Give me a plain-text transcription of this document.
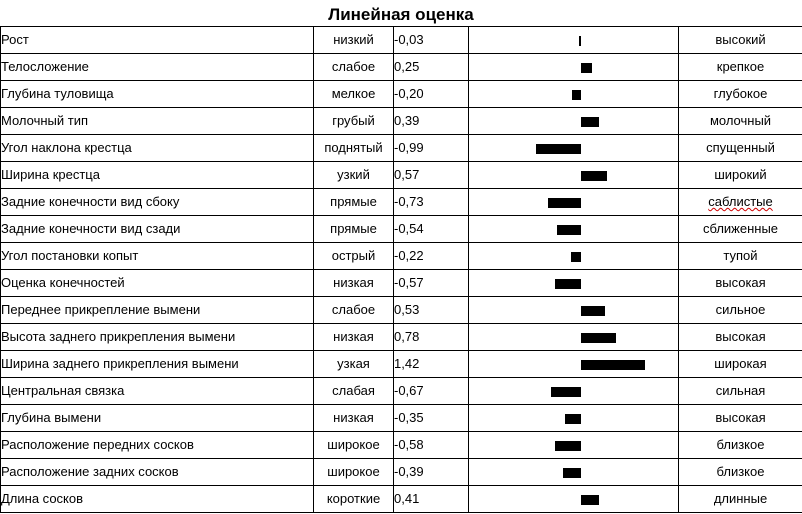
Линейная оценка
Рост	низкий	-0,03		высокий
Телосложение	слабое	0,25		крепкое
Глубина туловища	мелкое	-0,20		глубокое
Молочный тип	грубый	0,39		молочный
Угол наклона крестца	поднятый	-0,99		спущенный
Ширина крестца	узкий	0,57		широкий
Задние конечности вид сбоку	прямые	-0,73		саблистые
Задние конечности вид сзади	прямые	-0,54		сближенные
Угол постановки копыт	острый	-0,22		тупой
Оценка конечностей	низкая	-0,57		высокая
Переднее прикрепление вымени	слабое	0,53		сильное
Высота заднего прикрепления вымени	низкая	0,78		высокая
Ширина заднего прикрепления вымени	узкая	1,42		широкая
Центральная связка	слабая	-0,67		сильная
Глубина вымени	низкая	-0,35		высокая
Расположение передних сосков	широкое	-0,58		близкое
Расположение задних сосков	широкое	-0,39		близкое
Длина сосков	короткие	0,41		длинные
